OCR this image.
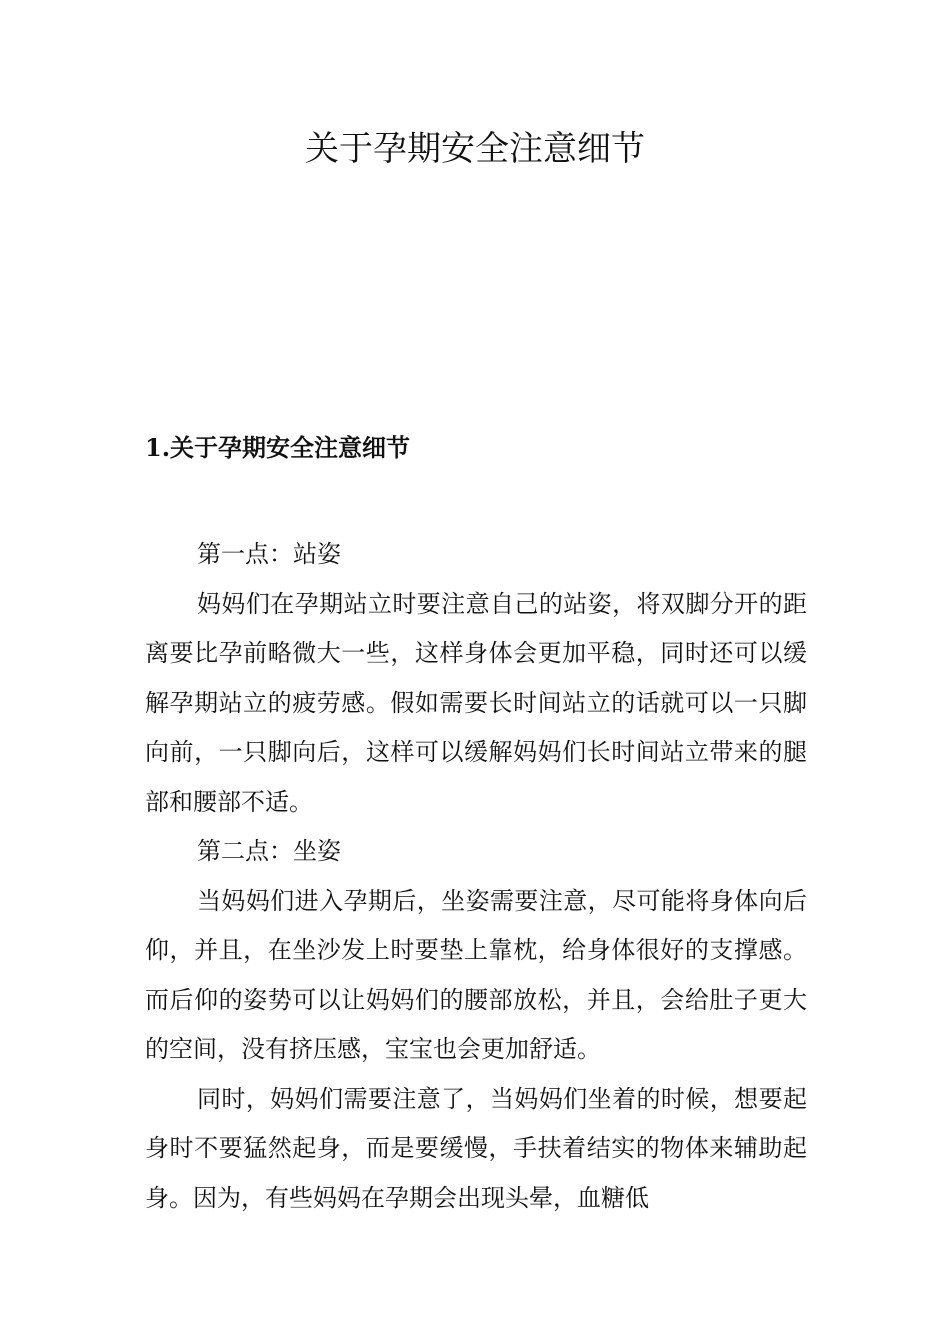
关于孕期安全注意细节
1.关于孕期安全注意细节

第一点：站姿

妈妈们在孕期站立时要注意自己的站姿，将双脚分开的距离要比孕前略微大一些，这样身体会更加平稳，同时还可以缓解孕期站立的疲劳感。假如需要长时间站立的话就可以一只脚向前，一只脚向后，这样可以缓解妈妈们长时间站立带来的腿部和腰部不适。

第二点：坐姿

当妈妈们进入孕期后，坐姿需要注意，尽可能将身体向后仰，并且，在坐沙发上时要垫上靠枕，给身体很好的支撑感。而后仰的姿势可以让妈妈们的腰部放松，并且，会给肚子更大的空间，没有挤压感，宝宝也会更加舒适。

同时，妈妈们需要注意了，当妈妈们坐着的时候，想要起身时不要猛然起身，而是要缓慢，手扶着结实的物体来辅助起身。因为，有些妈妈在孕期会出现头晕，血糖低
